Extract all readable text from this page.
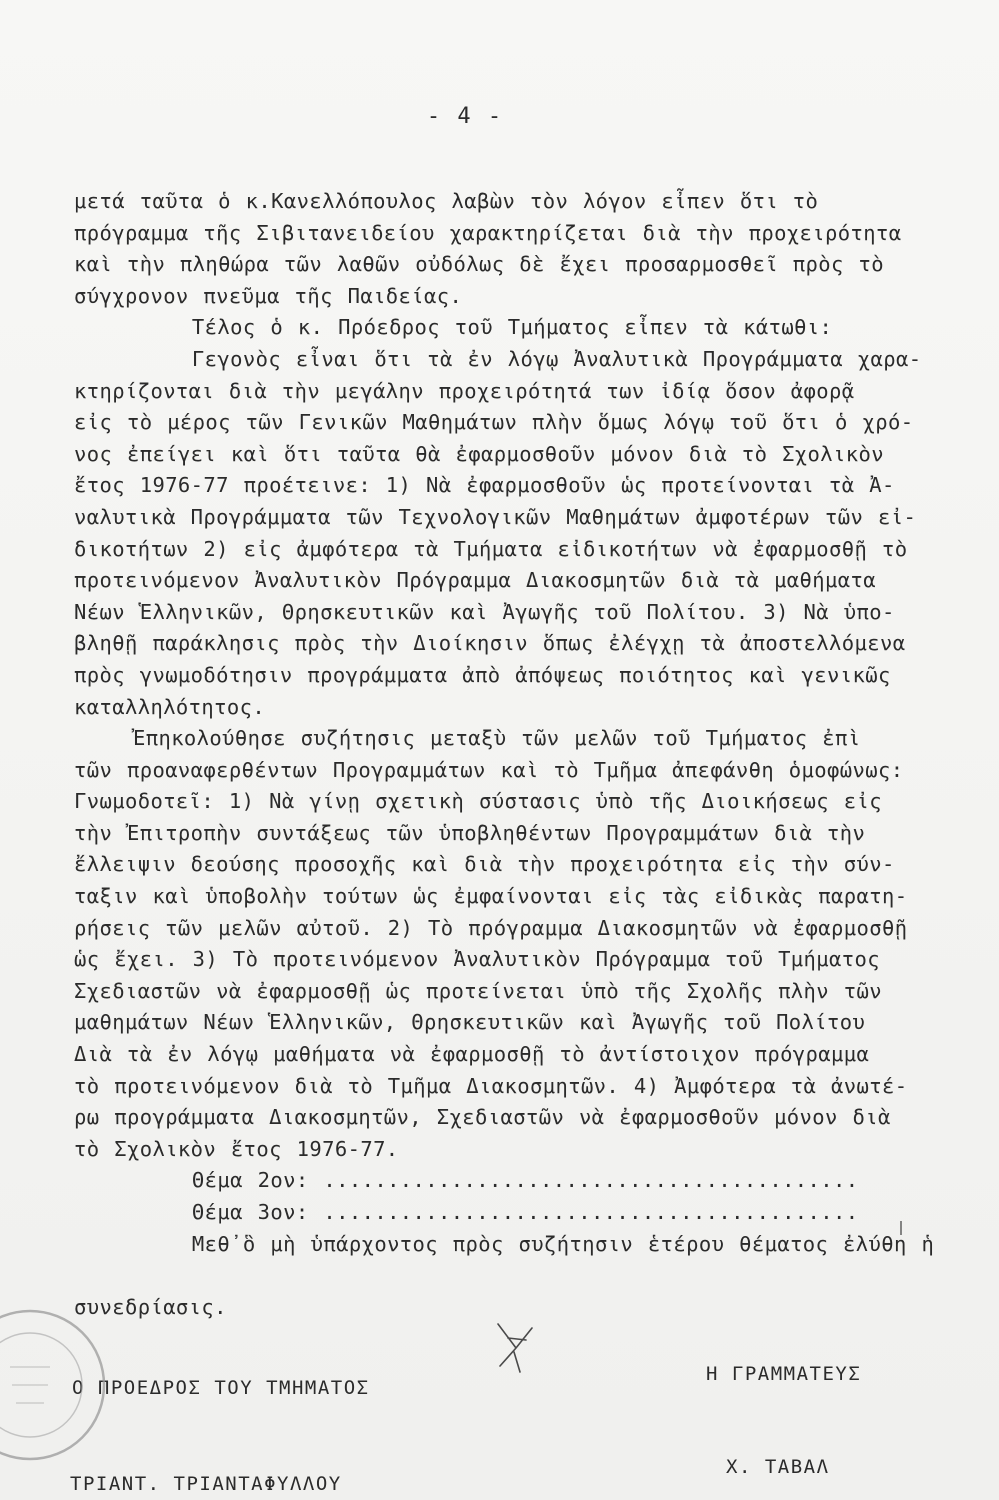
- 4 -
μετά ταῦτα ὁ κ.Κανελλόπουλος λαβὼν τὸν λόγον εἶπεν ὅτι τὸ
πρόγραμμα τῆς Σιβιτανειδείου χαρακτηρίζεται διὰ τὴν προχειρότητα
καὶ τὴν πληθώρα τῶν λαθῶν οὐδόλως δὲ ἔχει προσαρμοσθεῖ πρὸς τὸ
σύγχρονον πνεῦμα τῆς Παιδείας.
Τέλος ὁ κ. Πρόεδρος τοῦ Τμήματος εἶπεν τὰ κάτωθι:
Γεγονὸς εἶναι ὅτι τὰ ἐν λόγῳ Ἀναλυτικὰ Προγράμματα χαρα-
κτηρίζονται διὰ τὴν μεγάλην προχειρότητά των ἰδίᾳ ὅσον ἀφορᾷ
εἰς τὸ μέρος τῶν Γενικῶν Μαθημάτων πλὴν ὅμως λόγῳ τοῦ ὅτι ὁ χρό-
νος ἐπείγει καὶ ὅτι ταῦτα θὰ ἐφαρμοσθοῦν μόνον διὰ τὸ Σχολικὸν
ἔτος 1976-77 προέτεινε: 1) Νὰ ἐφαρμοσθοῦν ὡς προτείνονται τὰ Ἀ-
ναλυτικὰ Προγράμματα τῶν Τεχνολογικῶν Μαθημάτων ἀμφοτέρων τῶν εἰ-
δικοτήτων 2) εἰς ἀμφότερα τὰ Τμήματα εἰδικοτήτων νὰ ἐφαρμοσθῇ τὸ
προτεινόμενον Ἀναλυτικὸν Πρόγραμμα Διακοσμητῶν διὰ τὰ μαθήματα
Νέων Ἑλληνικῶν, Θρησκευτικῶν καὶ Ἀγωγῆς τοῦ Πολίτου. 3) Νὰ ὑπο-
βληθῇ παράκλησις πρὸς τὴν Διοίκησιν ὅπως ἐλέγχῃ τὰ ἀποστελλόμενα
πρὸς γνωμοδότησιν προγράμματα ἀπὸ ἀπόψεως ποιότητος καὶ γενικῶς
καταλληλότητος.
Ἐπηκολούθησε συζήτησις μεταξὺ τῶν μελῶν τοῦ Τμήματος ἐπὶ
τῶν προαναφερθέντων Προγραμμάτων καὶ τὸ Τμῆμα ἀπεφάνθη ὁμοφώνως:
Γνωμοδοτεῖ: 1) Νὰ γίνῃ σχετικὴ σύστασις ὑπὸ τῆς Διοικήσεως εἰς
τὴν Ἐπιτροπὴν συντάξεως τῶν ὑποβληθέντων Προγραμμάτων διὰ τὴν
ἔλλειψιν δεούσης προσοχῆς καὶ διὰ τὴν προχειρότητα εἰς τὴν σύν-
ταξιν καὶ ὑποβολὴν τούτων ὡς ἐμφαίνονται εἰς τὰς εἰδικὰς παρατη-
ρήσεις τῶν μελῶν αὐτοῦ. 2) Τὸ πρόγραμμα Διακοσμητῶν νὰ ἐφαρμοσθῇ
ὡς ἔχει. 3) Τὸ προτεινόμενον Ἀναλυτικὸν Πρόγραμμα τοῦ Τμήματος
Σχεδιαστῶν νὰ ἐφαρμοσθῇ ὡς προτείνεται ὑπὸ τῆς Σχολῆς πλὴν τῶν
μαθημάτων Νέων Ἑλληνικῶν, Θρησκευτικῶν καὶ Ἀγωγῆς τοῦ Πολίτου
Διὰ τὰ ἐν λόγῳ μαθήματα νὰ ἐφαρμοσθῇ τὸ ἀντίστοιχον πρόγραμμα
τὸ προτεινόμενον διὰ τὸ Τμῆμα Διακοσμητῶν. 4) Ἀμφότερα τὰ ἀνωτέ-
ρω προγράμματα Διακοσμητῶν, Σχεδιαστῶν νὰ ἐφαρμοσθοῦν μόνον διὰ
τὸ Σχολικὸν ἔτος 1976-77.
Θέμα 2ον: ..........................................
Θέμα 3ον: ..........................................
Μεθ᾽ὃ μὴ ὑπάρχοντος πρὸς συζήτησιν ἑτέρου θέματος ἐλύθη ἡ
συνεδρίασις.
Ο ΠΡΟΕΔΡΟΣ ΤΟΥ ΤΜΗΜΑΤΟΣ
Η ΓΡΑΜΜΑΤΕΥΣ
ΤΡΙΑΝΤ. ΤΡΙΑΝΤΑΦΥΛΛΟΥ
Χ. ΤΑΒΑΛ
